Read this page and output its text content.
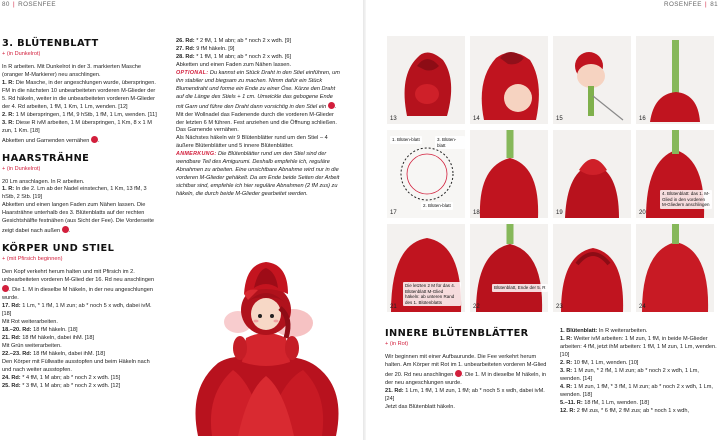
80 | ROSENFEE
3. BLÜTENBLATT
+ (in Dunkelrot)

In R arbeiten. Mit Dunkelrot in der 3. markierten Masche (oranger M-Markierer) neu anschlingen.

1. R: Die Masche, in der angeschlungen wurde, überspringen. FM in die nächsten 10 unbearbeiteten vorderen M-Glieder der 5. Rd häkeln, weiter in die unbearbeiteten vorderen M-Glieder der 4. Rd arbeiten, 1 fM, 1 Km, 1 Lm, wenden. [12]

2. R: 1 M überspringen, 1 fM, 9 hStb, 1 fM, 1 Lm, wenden. [11]

3. R: Diese R ivM arbeiten, 1 M überspringen, 1 Km, 8 x 1 M zun, 1 Km. [18]

Abketten und Garnenden vernähen .

HAARSTRÄHNE
+ (in Dunkelrot)

20 Lm anschlagen. In R arbeiten.

1. R: In die 2. Lm ab der Nadel einstechen, 1 Km, 13 fM, 3 hStb, 2 Stb. [19]

Abketten und einen langen Faden zum Nähen lassen. Die Haarsträhne unterhalb des 3. Blütenblatts auf der rechten Gesichtshälfte festnähen (aus Sicht der Fee). Die Vorderseite zeigt dabei nach außen .

KÖRPER UND STIEL
+ (mit Pfirsich beginnen)

Den Kopf verkehrt herum halten und mit Pfirsich im 2. unbearbeiteten vorderen M-Glied der 16. Rd neu anschlingen . Die 1. M in dieselbe M häkeln, in der neu angeschlungen wurde.

17. Rd: 1 Lm, * 1 fM, 1 M zun; ab * noch 5 x wdh, dabei ivM. [18]

Mit Rot weiterarbeiten.

18.–20. Rd: 18 fM häkeln. [18]

21. Rd: 18 fM häkeln, dabei ihM. [18]

Mit Grün weiterarbeiten.

22.–23. Rd: 18 fM häkeln, dabei ihM. [18]

Den Körper mit Füllwatte ausstopfen und beim Häkeln nach und nach weiter ausstopfen.

24. Rd: * 4 fM, 1 M abn; ab * noch 2 x wdh. [15]

25. Rd: * 3 fM, 1 M abn; ab * noch 2 x wdh. [12]

26. Rd: * 2 fM, 1 M abn; ab * noch 2 x wdh. [9]

27. Rd: 9 fM häkeln. [9]

28. Rd: * 1 fM, 1 M abn; ab * noch 2 x wdh. [6]

Abketten und einen Faden zum Nähen lassen.

OPTIONAL: Du kannst ein Stück Draht in den Stiel einführen, um ihn stabiler und biegsam zu machen. Nimm dafür ein Stück Blumendraht und forme ein Ende zu einer Öse. Kürze den Draht auf die Länge des Stiels + 1 cm. Umwickle das gebogene Ende mit Garn und führe den Draht dann vorsichtig in den Stiel ein .

Mit der Wollnadel das Fadenende durch die vorderen M-Glieder der letzten 6 M führen. Fest anziehen und die Öffnung schließen. Das Garnende vernähen.

Als Nächstes häkeln wir 9 Blütenblätter rund um den Stiel – 4 äußere Blütenblätter und 5 innere Blütenblätter.

ANMERKUNG: Die Blütenblätter rund um den Stiel sind der wendbare Teil des Amigurumi. Deshalb empfehle ich, reguläre Abnahmen zu arbeiten. Eine unsichtbare Abnahme wird nur in die vorderen M-Glieder gehäkelt. Da am Ende beide Seiten der Arbeit sichtbar sind, empfehle ich hier reguläre Abnahmen (2 fM zus) zu häkeln, die durch beide M-Glieder gearbeitet werden.

ROSENFEE | 81
13	14	15	16
1. Blüten-blatt	3. Blüten-blatt
2. Blüten-blatt
17	18	19
4. Blütenblatt: das 1. M-Glied in den vorderen M-Gliedern anschlingen
20
Die letzten 2 M für das 4. Blütenblatt M-Glied häkeln: ab unteren Rand des 1. Blütenblatts
21
Blütenblatt, Ende der 5. R
22	23	24
INNERE BLÜTENBLÄTTER
+ (in Rot)

Wir beginnen mit einer Aufbaurunde. Die Fee verkehrt herum halten. Am Körper mit Rot im 1. unbearbeiteten vorderen M-Glied der 20. Rd neu anschlingen . Die 1. M in dieselbe M häkeln, in der neu angeschlungen wurde.

21. Rd: 1 Lm, 1 fM, 1 M zun, 1 fM; ab * noch 5 x wdh, dabei ivM. [24]

Jetzt das Blütenblatt häkeln.

1. Blütenblatt: In R weiterarbeiten.

1. R: Weiter ivM arbeiten: 1 M zun, 1 fM, in beide M-Glieder arbeiten: 4 fM, jetzt ihM arbeiten: 1 fM, 1 M zun, 1 Lm, wenden. [10]

2. R: 10 fM, 1 Lm, wenden. [10]

3. R: 1 M zun, * 2 fM, 1 M zun; ab * noch 2 x wdh, 1 Lm, wenden. [14]

4. R: 1 M zun, 1 fM, * 3 fM, 1 M zun; ab * noch 2 x wdh, 1 Lm, wenden. [18]

5.–11. R: 18 fM, 1 Lm, wenden. [18]

12. R: 2 fM zus, * 6 fM, 2 fM zus; ab * noch 1 x wdh,
